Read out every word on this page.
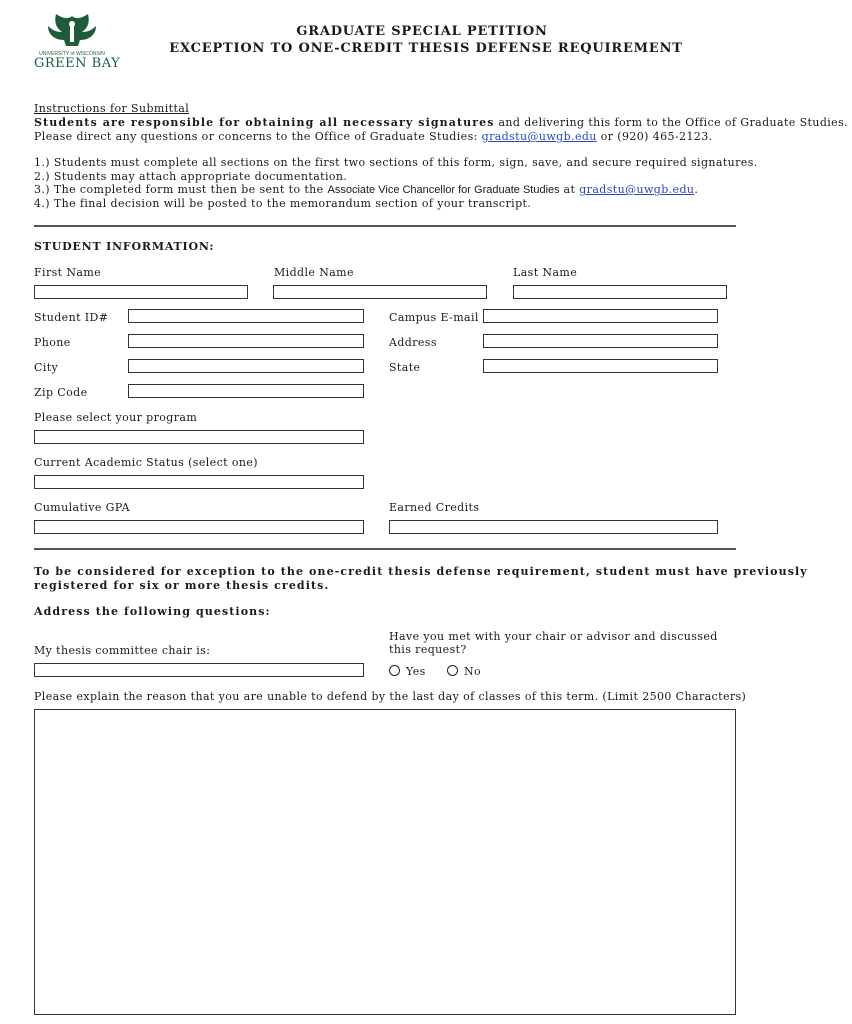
UNIVERSITY of WISCONSIN
GREEN BAY
GRADUATE SPECIAL PETITION
EXCEPTION TO ONE-CREDIT THESIS DEFENSE REQUIREMENT
Instructions for Submittal
Students are responsible for obtaining all necessary signatures and delivering this form to the Office of Graduate Studies.
Please direct any questions or concerns to the Office of Graduate Studies: gradstu@uwgb.edu or (920) 465-2123.
1.) Students must complete all sections on the first two sections of this form, sign, save, and secure required signatures.
2.) Students may attach appropriate documentation.
3.) The completed form must then be sent to the Associate Vice Chancellor for Graduate Studies at gradstu@uwgb.edu.
4.) The final decision will be posted to the memorandum section of your transcript.
STUDENT INFORMATION:
First Name	Middle Name	Last Name
Student ID#	Campus E-mail
Phone	Address
City	State
Zip Code
Please select your program
Current Academic Status (select one)
Cumulative GPA	Earned Credits
To be considered for exception to the one-credit thesis defense requirement, student must have previously
registered for six or more thesis credits.
Address the following questions:
My thesis committee chair is:
Have you met with your chair or advisor and discussed
this request?
Yes	No
Please explain the reason that you are unable to defend by the last day of classes of this term. (Limit 2500 Characters)
